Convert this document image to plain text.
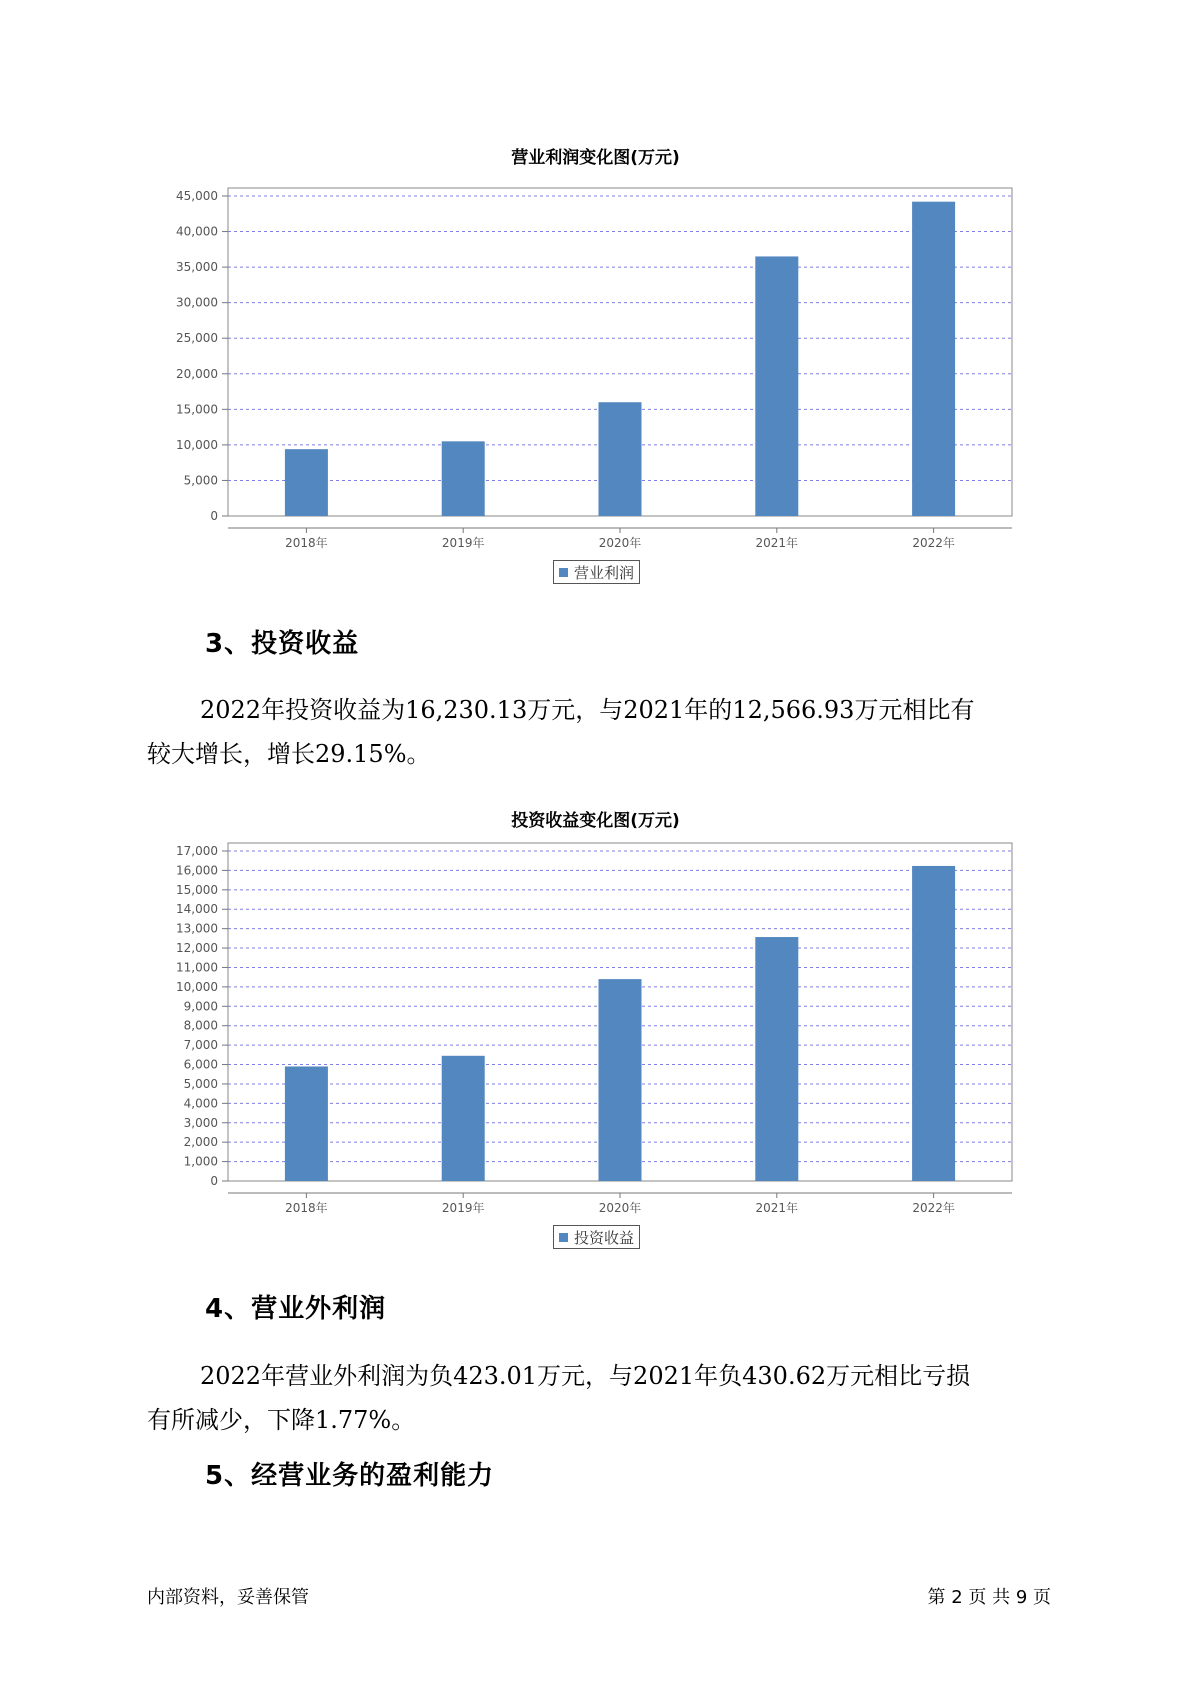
营业利润变化图(万元)
0
5,000
10,000
15,000
20,000
25,000
30,000
35,000
40,000
45,000
2018年	2019年	2020年	2021年	2022年
营业利润
3、投资收益
2022年投资收益为16,230.13万元，与2021年的12,566.93万元相比有
较大增长，增长29.15%。
投资收益变化图(万元)
0
1,000
2,000
3,000
4,000
5,000
6,000
7,000
8,000
9,000
10,000
11,000
12,000
13,000
14,000
15,000
16,000
17,000
2018年	2019年	2020年	2021年	2022年
投资收益
4、营业外利润
2022年营业外利润为负423.01万元，与2021年负430.62万元相比亏损
有所减少，下降1.77%。
5、经营业务的盈利能力
内部资料，妥善保管	第 2 页 共 9 页
